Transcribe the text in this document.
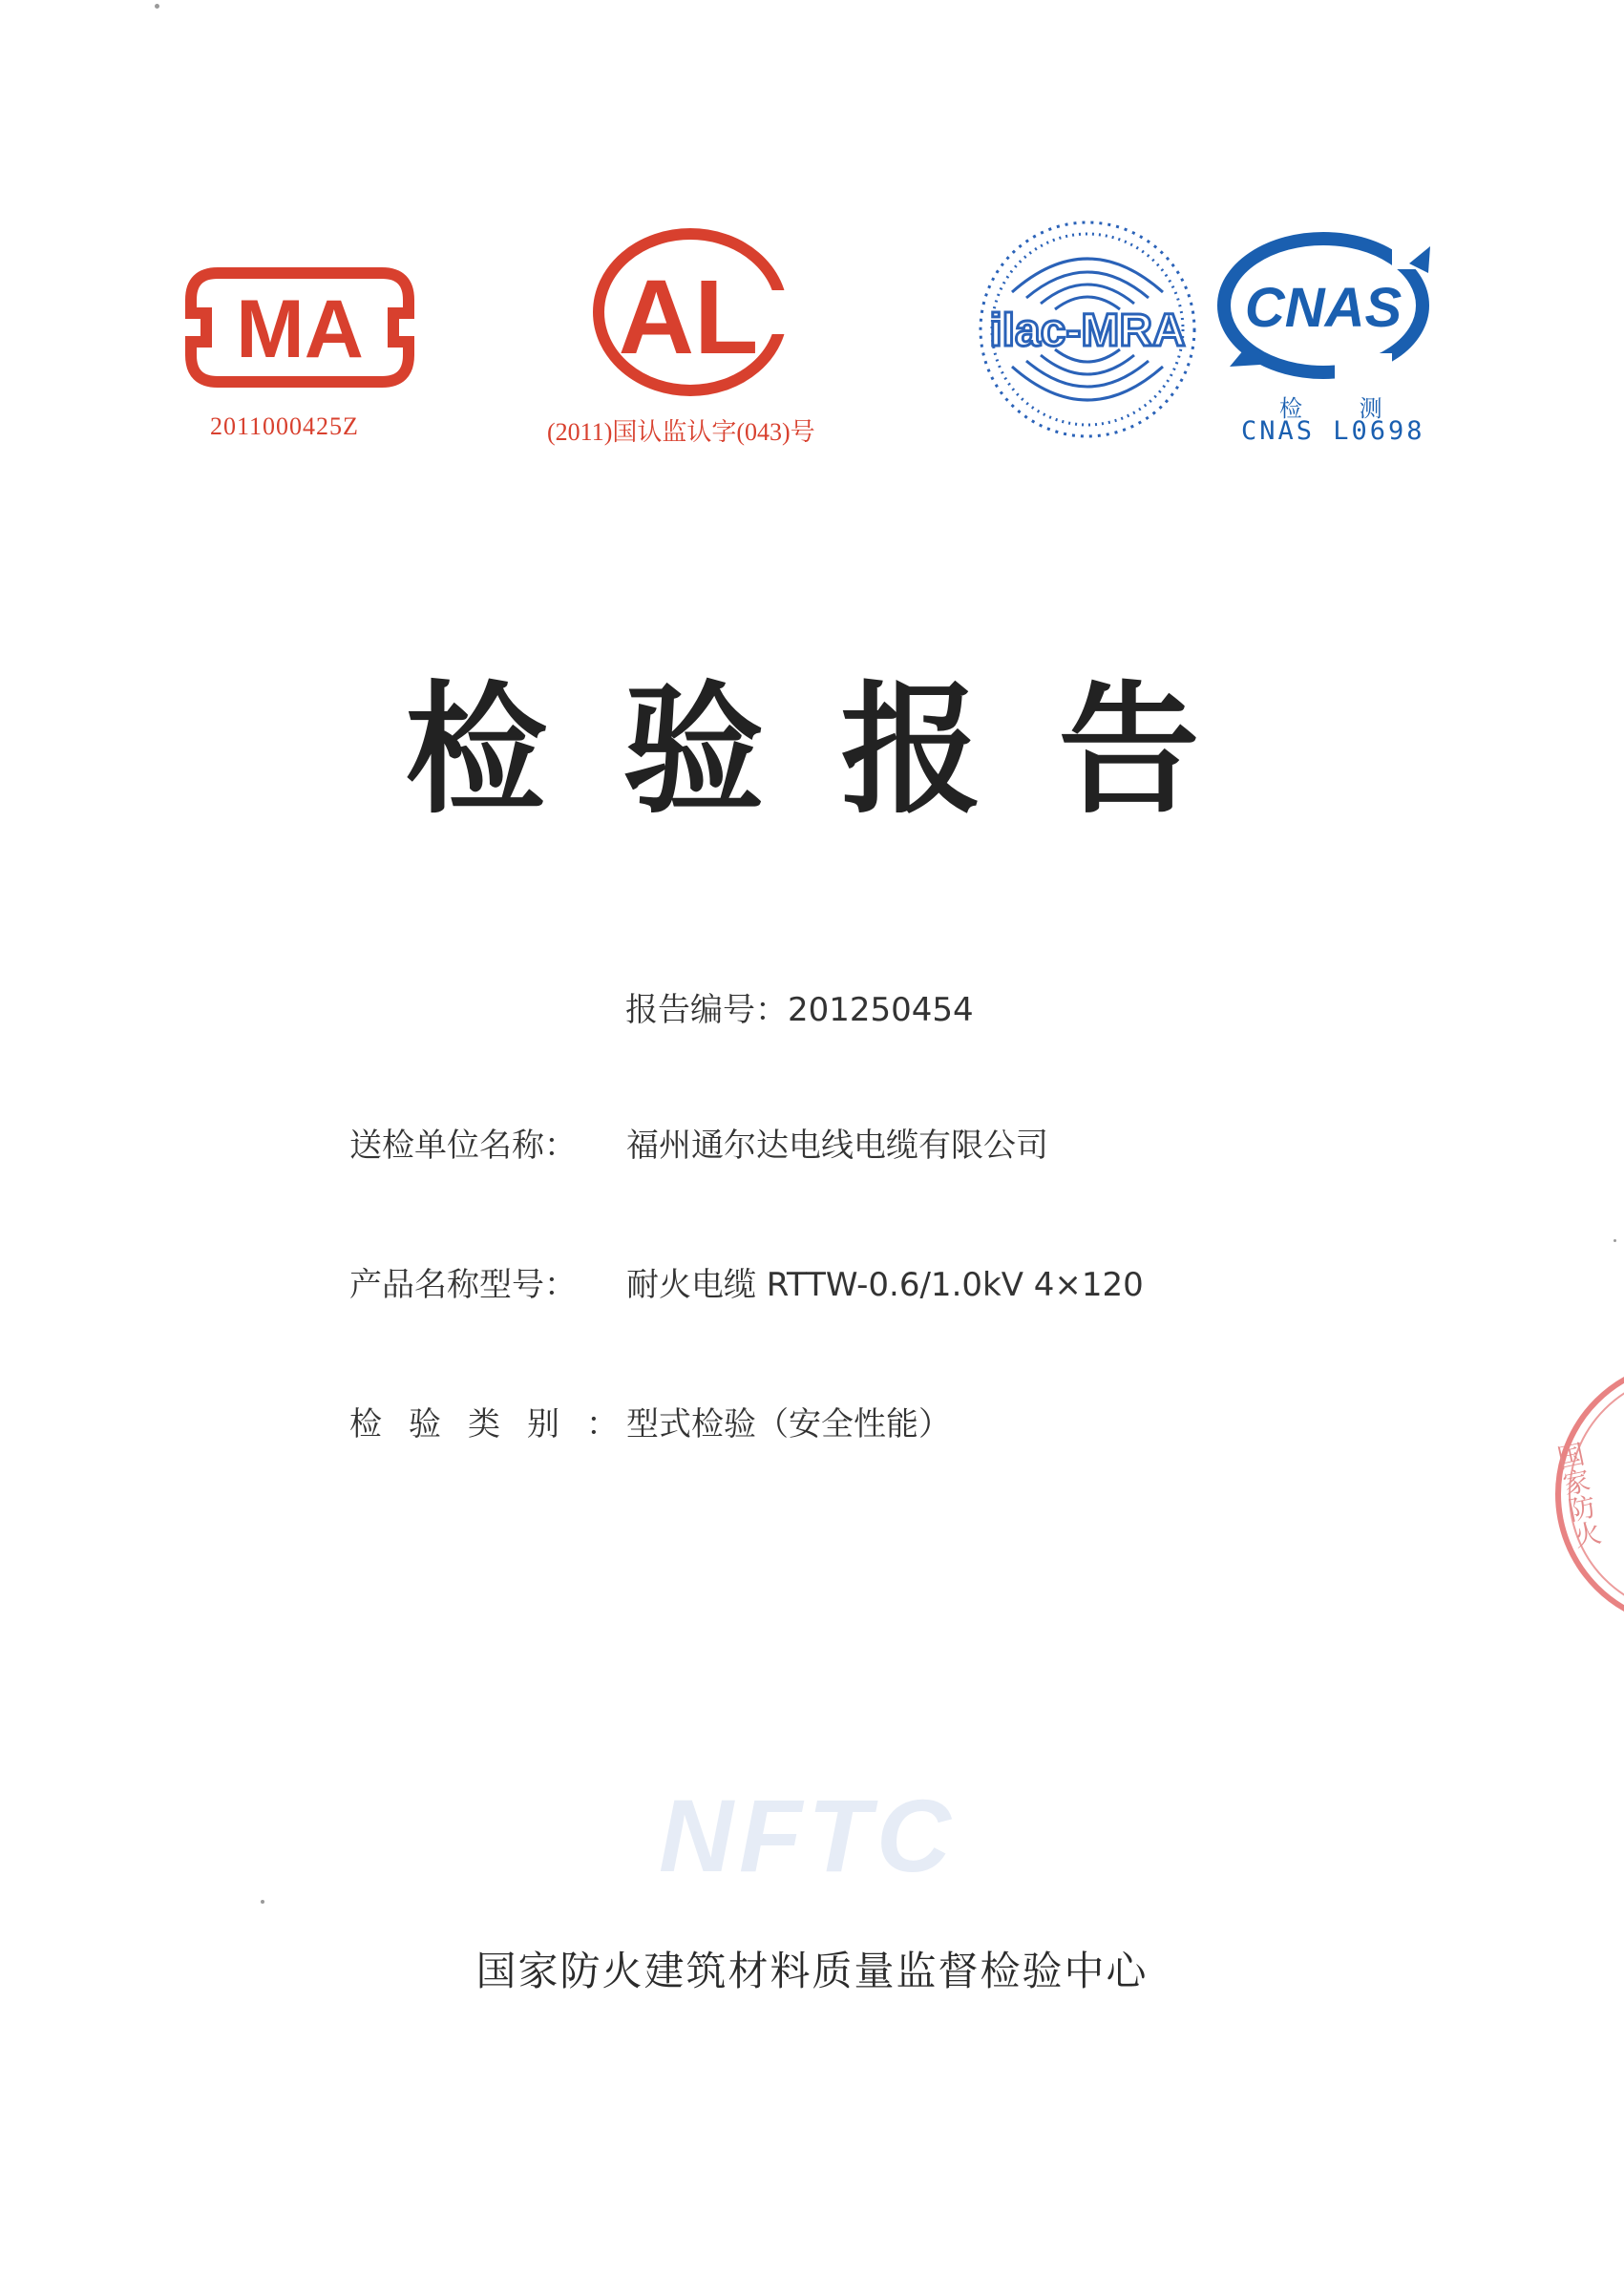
MA
2011000425Z
AL
(2011)国认监认字(043)号
ilac-MRA CNAS
检 测
CNAS L0698
检验报告
报告编号：201250454
送检单位名称： 福州通尔达电线电缆有限公司
产品名称型号： 耐火电缆 RTTW-0.6/1.0kV 4×120
检验类别：
型式检验（安全性能）
NFTC
国家防火建筑材料质量监督检验中心
国家防火
